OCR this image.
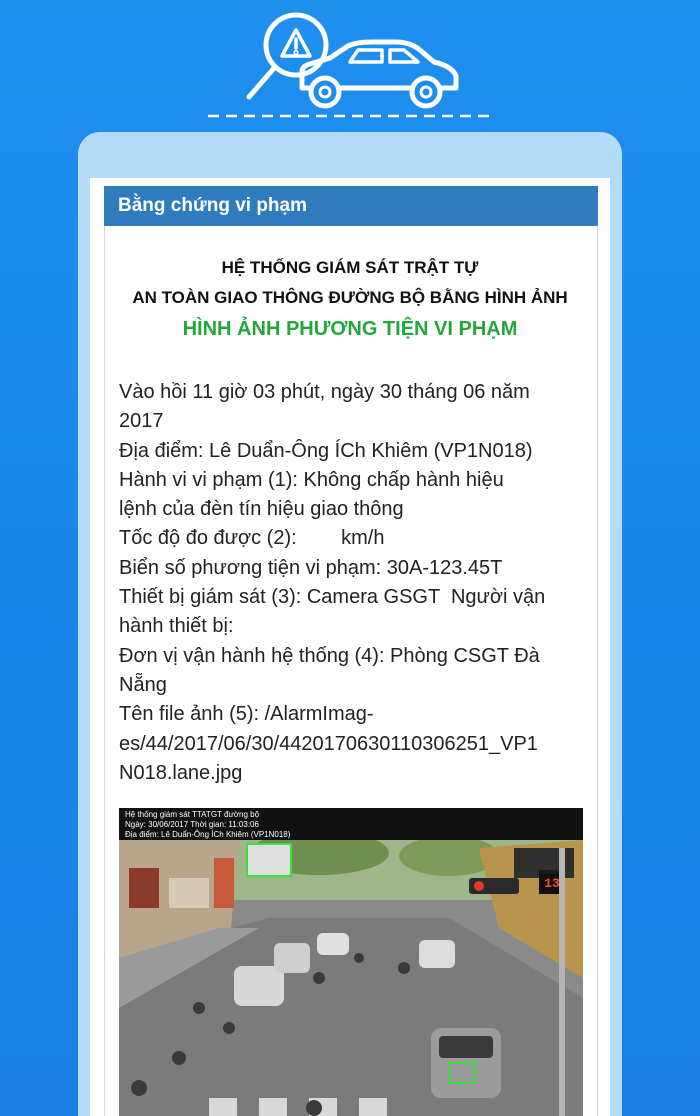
Bằng chứng vi phạm
HỆ THỐNG GIÁM SÁT TRẬT TỰ
AN TOÀN GIAO THÔNG ĐƯỜNG BỘ BẰNG HÌNH ẢNH
HÌNH ẢNH PHƯƠNG TIỆN VI PHẠM
Vào hồi 11 giờ 03 phút, ngày 30 tháng 06 năm
2017
Địa điểm: Lê Duẩn-Ông ÍCh Khiêm (VP1N018)
Hành vi vi phạm (1): Không chấp hành hiệu
lệnh của đèn tín hiệu giao thông
Tốc độ đo được (2):        km/h
Biển số phương tiện vi phạm: 30A-123.45T
Thiết bị giám sát (3): Camera GSGT  Người vận
hành thiết bị:
Đơn vị vận hành hệ thống (4): Phòng CSGT Đà
Nẵng
Tên file ảnh (5): /AlarmImag-
es/44/2017/06/30/4420170630110306251_VP1
N018.lane.jpg
13
Hệ thống giám sát TTATGT đường bộ
Ngày: 30/06/2017 Thời gian: 11:03:06
Địa điểm: Lê Duẩn-Ông ÍCh Khiêm (VP1N018)
